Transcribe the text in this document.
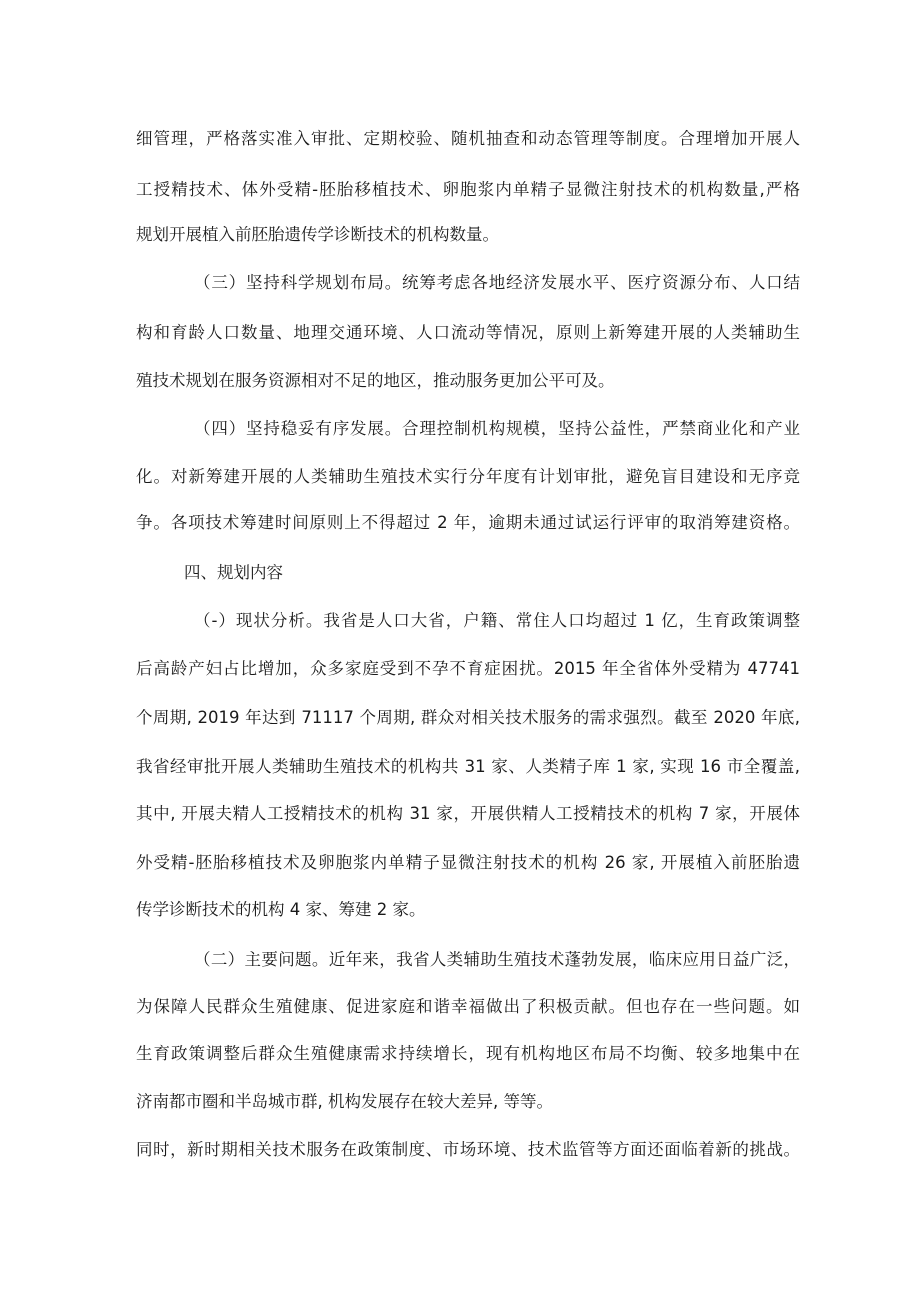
细管理，严格落实准入审批、定期校验、随机抽查和动态管理等制度。合理增加开展人
工授精技术、体外受精-胚胎移植技术、卵胞浆内单精子显微注射技术的机构数量,严格
规划开展植入前胚胎遗传学诊断技术的机构数量。
（三）坚持科学规划布局。统筹考虑各地经济发展水平、医疗资源分布、人口结
构和育龄人口数量、地理交通环境、人口流动等情况，原则上新筹建开展的人类辅助生
殖技术规划在服务资源相对不足的地区，推动服务更加公平可及。
（四）坚持稳妥有序发展。合理控制机构规模，坚持公益性，严禁商业化和产业
化。对新筹建开展的人类辅助生殖技术实行分年度有计划审批，避免盲目建设和无序竞
争。各项技术筹建时间原则上不得超过 2 年，逾期未通过试运行评审的取消筹建资格。
四、规划内容
（-）现状分析。我省是人口大省，户籍、常住人口均超过 1 亿，生育政策调整
后高龄产妇占比增加，众多家庭受到不孕不育症困扰。2015 年全省体外受精为 47741
个周期, 2019 年达到 71117 个周期, 群众对相关技术服务的需求强烈。截至 2020 年底,
我省经审批开展人类辅助生殖技术的机构共 31 家、人类精子库 1 家, 实现 16 市全覆盖,
其中, 开展夫精人工授精技术的机构 31 家，开展供精人工授精技术的机构 7 家，开展体
外受精-胚胎移植技术及卵胞浆内单精子显微注射技术的机构 26 家, 开展植入前胚胎遗
传学诊断技术的机构 4 家、筹建 2 家。
（二）主要问题。近年来，我省人类辅助生殖技术蓬勃发展，临床应用日益广泛，
为保障人民群众生殖健康、促进家庭和谐幸福做出了积极贡献。但也存在一些问题。如
生育政策调整后群众生殖健康需求持续增长，现有机构地区布局不均衡、较多地集中在
济南都市圈和半岛城市群, 机构发展存在较大差异, 等等。
同时，新时期相关技术服务在政策制度、市场环境、技术监管等方面还面临着新的挑战。
